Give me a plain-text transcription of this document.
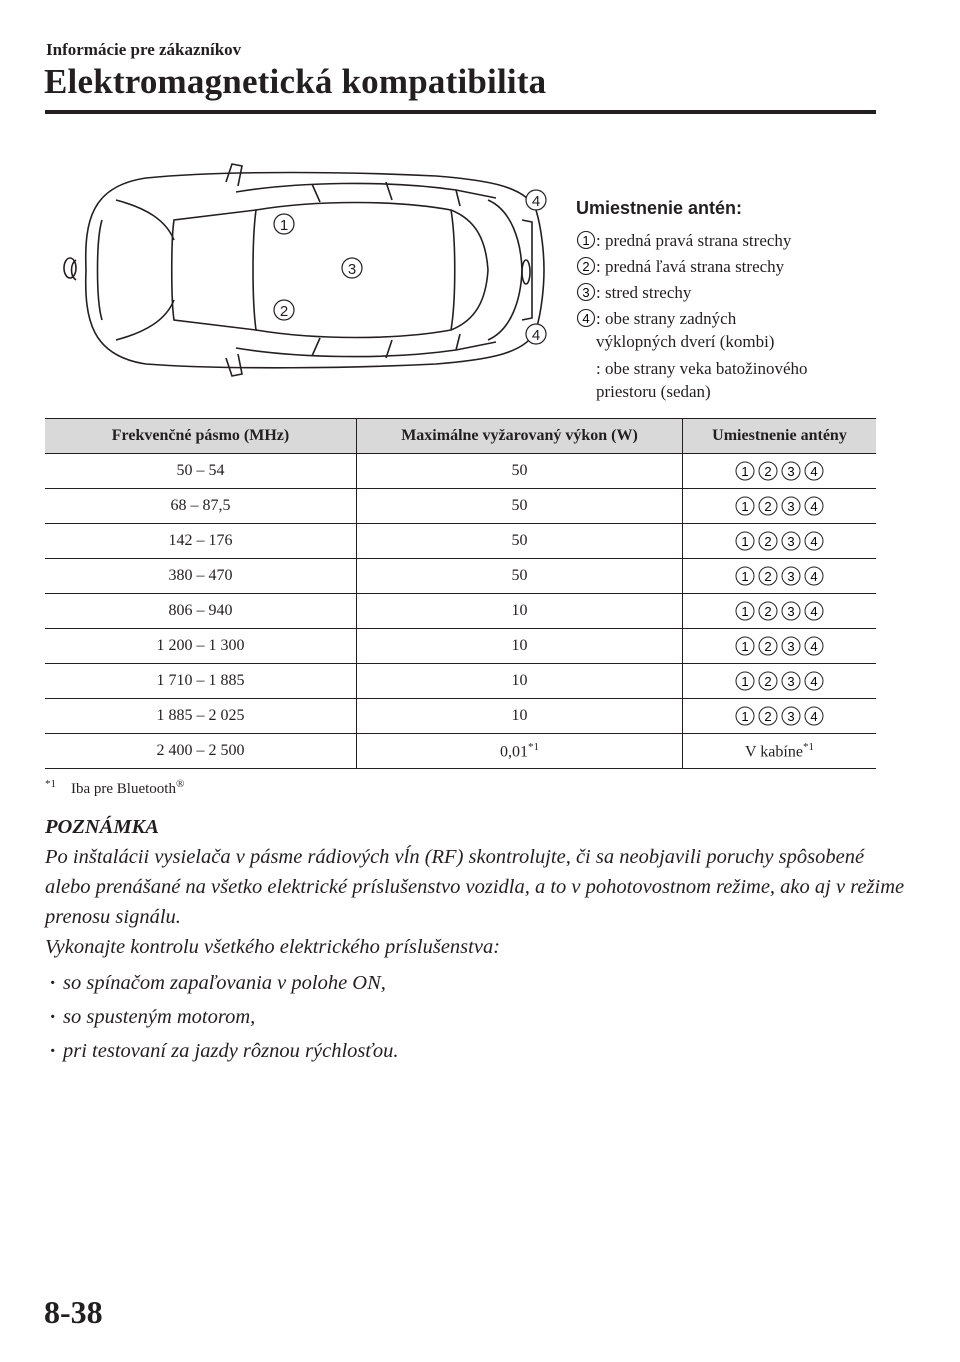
Informácie pre zákazníkov
Elektromagnetická kompatibilita
1
2
3
4
4
Umiestnenie antén:
1 : predná pravá strana strechy
2 : predná ľavá strana strechy
3 : stred strechy
4 : obe strany zadných
výklopných dverí (kombi)
: obe strany veka batožinového
priestoru (sedan)
Frekvenčné pásmo (MHz)	Maximálne vyžarovaný výkon (W)	Umiestnenie antény
50 – 54	50	1 2 3 4

68 – 87,5	50	1 2 3 4

142 – 176	50	1 2 3 4

380 – 470	50	1 2 3 4

806 – 940	10	1 2 3 4

1 200 – 1 300	10	1 2 3 4

1 710 – 1 885	10	1 2 3 4

1 885 – 2 025	10	1 2 3 4

2 400 – 2 500	0,01$^{*1}$	V kabíne$^{*1}$
$^{*1}$ Iba pre Bluetooth®
POZNÁMKA
Po inštalácii vysielača v pásme rádiových vĺn (RF) skontrolujte, či sa neobjavili poruchy spôsobené alebo prenášané na všetko elektrické príslušenstvo vozidla, a to v pohotovostnom režime, ako aj v režime prenosu signálu.
Vykonajte kontrolu všetkého elektrického príslušenstva:
· so spínačom zapaľovania v polohe ON,
· so spusteným motorom,
· pri testovaní za jazdy rôznou rýchlosťou.
8-38
